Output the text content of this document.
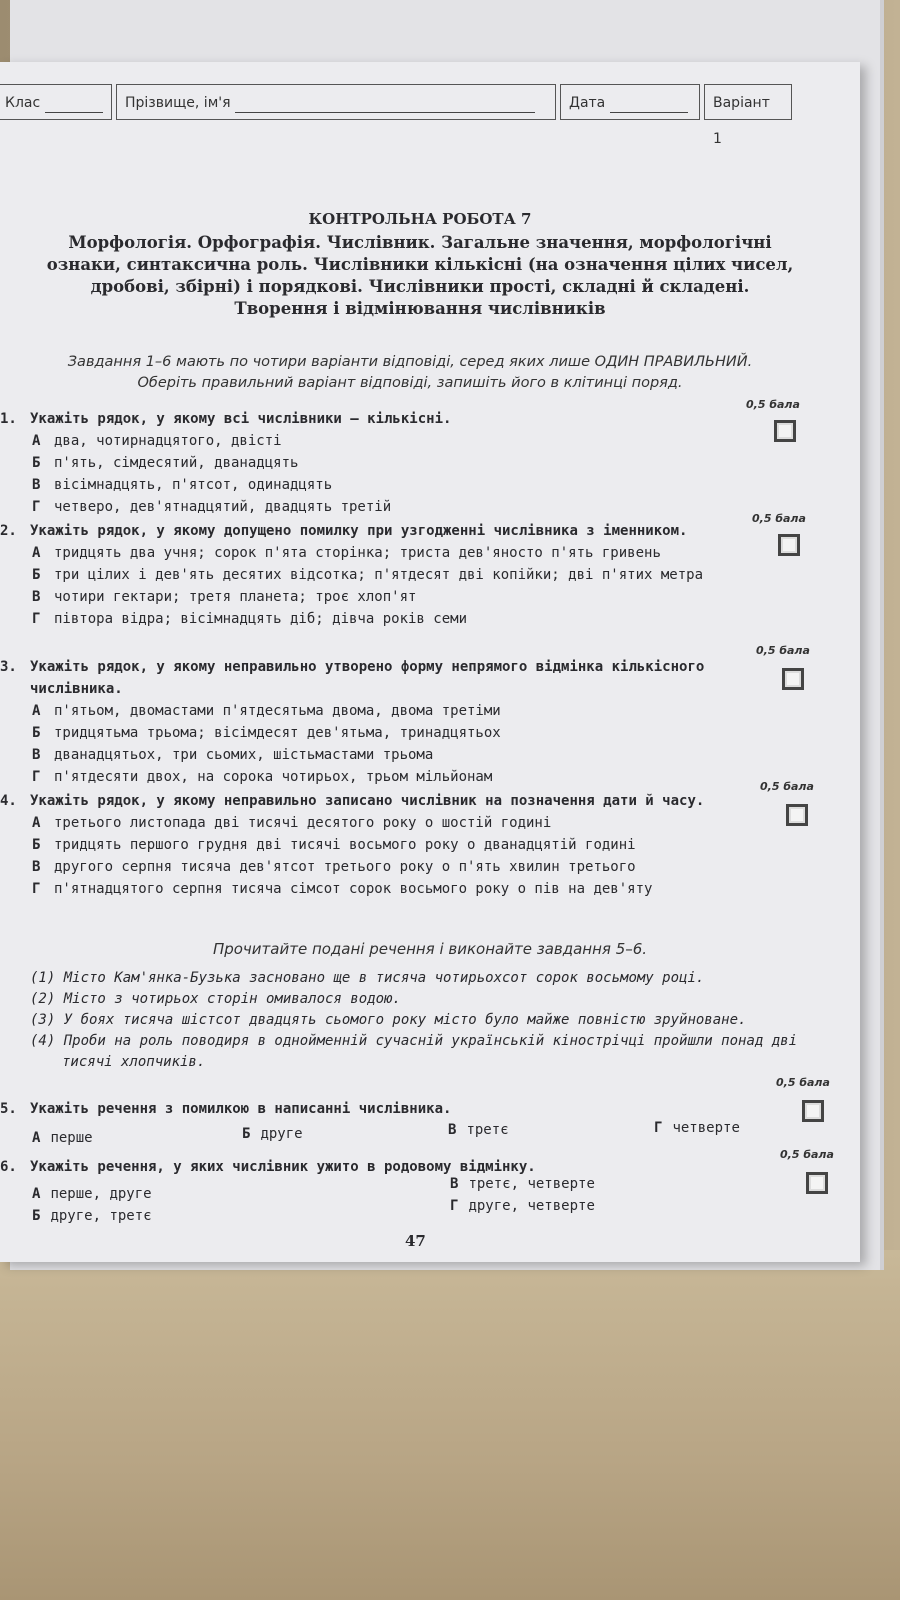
Клас	Прізвище, ім'я	Дата	Варіант 1
КОНТРОЛЬНА РОБОТА 7
Морфологія. Орфографія. Числівник. Загальне значення, морфологічні
ознаки, синтаксична роль. Числівники кількісні (на означення цілих чисел,
дробові, збірні) і порядкові. Числівники прості, складні й складені.
Творення і відмінювання числівників
Завдання 1–6 мають по чотири варіанти відповіді, серед яких лише ОДИН ПРАВИЛЬНИЙ.
Оберіть правильний варіант відповіді, запишіть його в клітинці поряд.
0,5 бала
1. Укажіть рядок, у якому всі числівники — кількісні.
А два, чотирнадцятого, двісті
Б п'ять, сімдесятий, дванадцять
В вісімнадцять, п'ятсот, одинадцять
Г четверо, дев'ятнадцятий, двадцять третій
0,5 бала
2. Укажіть рядок, у якому допущено помилку при узгодженні числівника з іменником.
А тридцять два учня; сорок п'ята сторінка; триста дев'яносто п'ять гривень
Б три цілих і дев'ять десятих відсотка; п'ятдесят дві копійки; дві п'ятих метра
В чотири гектари; третя планета; троє хлоп'ят
Г півтора відра; вісімнадцять діб; дівча років семи
0,5 бала
3. Укажіть рядок, у якому неправильно утворено форму непрямого відмінка кількісного числівника.
А п'ятьом, двомастами п'ятдесятьма двома, двома третіми
Б тридцятьма трьома; вісімдесят дев'ятьма, тринадцятьох
В дванадцятьох, три сьомих, шістьмастами трьома
Г п'ятдесяти двох, на сорока чотирьох, трьом мільйонам
0,5 бала
4. Укажіть рядок, у якому неправильно записано числівник на позначення дати й часу.
А третього листопада дві тисячі десятого року о шостій годині
Б тридцять першого грудня дві тисячі восьмого року о дванадцятій годині
В другого серпня тисяча дев'ятсот третього року о п'ять хвилин третього
Г п'ятнадцятого серпня тисяча сімсот сорок восьмого року о пів на дев'яту
Прочитайте подані речення і виконайте завдання 5–6.
(1) Місто Кам'янка-Бузька засновано ще в тисяча чотирьохсот сорок восьмому році.
(2) Місто з чотирьох сторін омивалося водою.
(3) У боях тисяча шістсот двадцять сьомого року місто було майже повністю зруйноване.
(4) Проби на роль поводиря в однойменній сучасній українській кінострічці пройшли понад дві тисячі хлопчиків.
0,5 бала
5. Укажіть речення з помилкою в написанні числівника.
А перше	Б друге	В третє	Г четверте
0,5 бала
6. Укажіть речення, у яких числівник ужито в родовому відмінку.
А перше, друге
Б друге, третє
В третє, четверте
Г друге, четверте
47
